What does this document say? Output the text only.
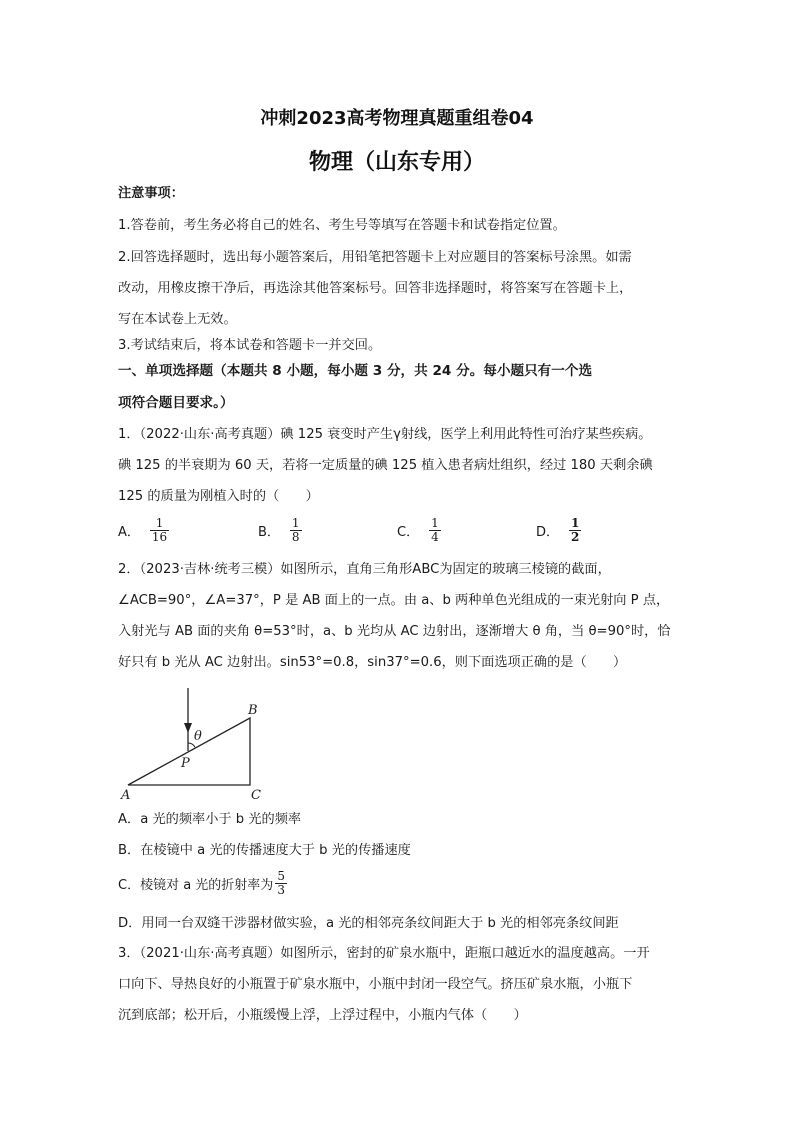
冲刺2023高考物理真题重组卷04
物理（山东专用）
注意事项：
1.答卷前，考生务必将自己的姓名、考生号等填写在答题卡和试卷指定位置。
2.回答选择题时，选出每小题答案后，用铅笔把答题卡上对应题目的答案标号涂黑。如需
改动，用橡皮擦干净后，再选涂其他答案标号。回答非选择题时，将答案写在答题卡上，
写在本试卷上无效。
3.考试结束后，将本试卷和答题卡一并交回。
一、单项选择题（本题共 8 小题，每小题 3 分，共 24 分。每小题只有一个选
项符合题目要求。）
1．（2022·山东·高考真题）碘 125 衰变时产生γ射线，医学上利用此特性可治疗某些疾病。
碘 125 的半衰期为 60 天，若将一定质量的碘 125 植入患者病灶组织，经过 180 天剩余碘
125 的质量为刚植入时的（　　）
A． $\frac{1}{16}$	B． $\frac{1}{8}$	C． $\frac{1}{4}$	D． $\frac{1}{2}$
2．（2023·吉林·统考三模）如图所示，直角三角形ABC为固定的玻璃三棱镜的截面，
∠ACB=90°，∠A=37°，P 是 AB 面上的一点。由 a、b 两种单色光组成的一束光射向 P 点，
入射光与 AB 面的夹角 θ=53°时，a、b 光均从 AC 边射出，逐渐增大 θ 角，当 θ=90°时，恰
好只有 b 光从 AC 边射出。sin53°=0.8，sin37°=0.6，则下面选项正确的是（　　）
θ
P
B
A	C
A．a 光的频率小于 b 光的频率
B．在棱镜中 a 光的传播速度大于 b 光的传播速度
C．棱镜对 a 光的折射率为 $\frac{5}{3}$
D．用同一台双缝干涉器材做实验，a 光的相邻亮条纹间距大于 b 光的相邻亮条纹间距
3．（2021·山东·高考真题）如图所示，密封的矿泉水瓶中，距瓶口越近水的温度越高。一开
口向下、导热良好的小瓶置于矿泉水瓶中，小瓶中封闭一段空气。挤压矿泉水瓶，小瓶下
沉到底部；松开后，小瓶缓慢上浮，上浮过程中，小瓶内气体（　　）
